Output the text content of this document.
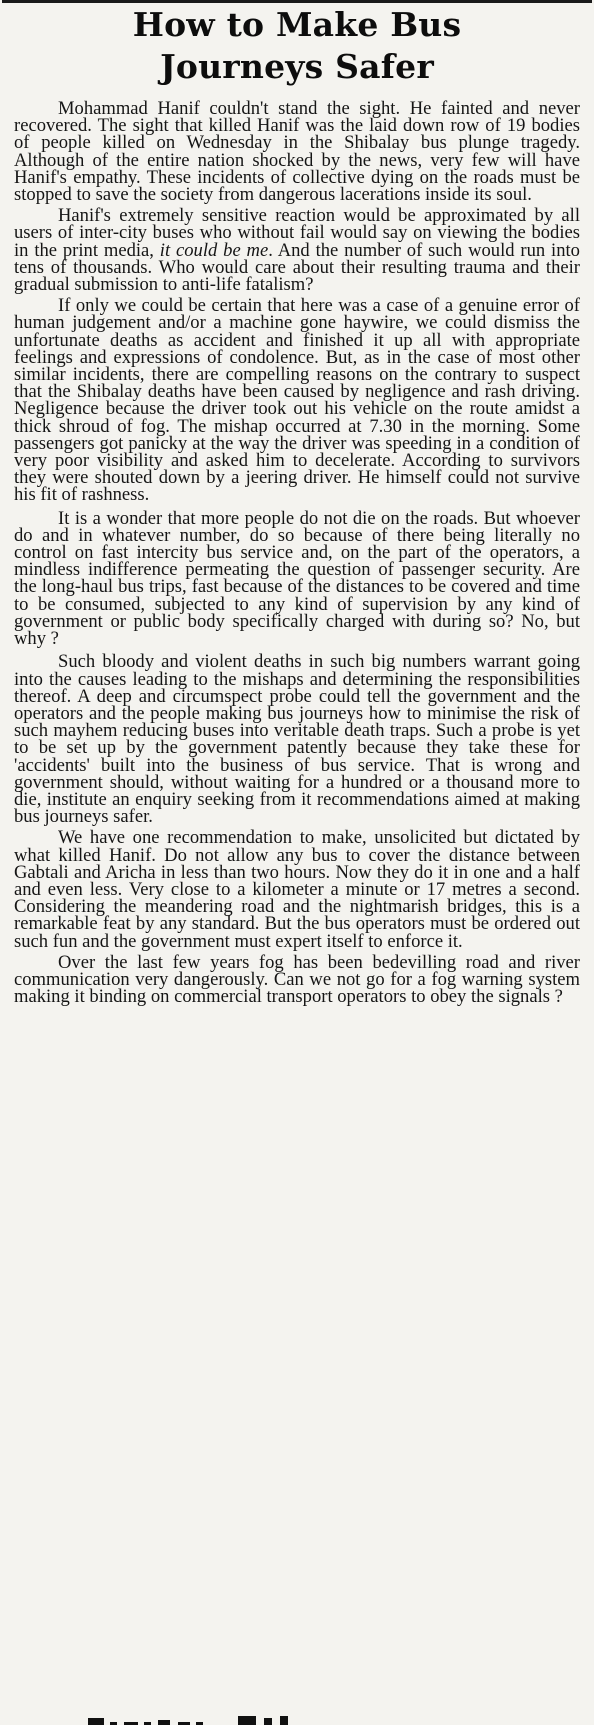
How to Make Bus
Journeys Safer

Mohammad Hanif couldn't stand the sight. He fainted and never recovered. The sight that killed Hanif was the laid down row of 19 bodies of people killed on Wednesday in the Shibalay bus plunge tragedy. Although of the entire nation shocked by the news, very few will have Hanif's empathy. These incidents of collective dying on the roads must be stopped to save the society from dangerous lacerations inside its soul.

Hanif's extremely sensitive reaction would be approximated by all users of inter-city buses who without fail would say on viewing the bodies in the print media, it could be me. And the number of such would run into tens of thousands. Who would care about their resulting trauma and their gradual submission to anti-life fatalism?

If only we could be certain that here was a case of a genuine error of human judgement and/or a machine gone haywire, we could dismiss the unfortunate deaths as accident and finished it up all with appropriate feelings and expressions of condolence. But, as in the case of most other similar incidents, there are compelling reasons on the contrary to suspect that the Shibalay deaths have been caused by negligence and rash driving. Negligence because the driver took out his vehicle on the route amidst a thick shroud of fog. The mishap occurred at 7.30 in the morning. Some passengers got panicky at the way the driver was speeding in a condition of very poor visibility and asked him to decelerate. According to survivors they were shouted down by a jeering driver. He himself could not survive his fit of rashness.

It is a wonder that more people do not die on the roads. But whoever do and in whatever number, do so because of there being literally no control on fast intercity bus service and, on the part of the operators, a mindless indifference permeating the question of passenger security. Are the long-haul bus trips, fast because of the distances to be covered and time to be consumed, subjected to any kind of supervision by any kind of government or public body specifically charged with during so? No, but why ?

Such bloody and violent deaths in such big numbers warrant going into the causes leading to the mishaps and determining the responsibilities thereof. A deep and circumspect probe could tell the government and the operators and the people making bus journeys how to minimise the risk of such mayhem reducing buses into veritable death traps. Such a probe is yet to be set up by the government patently because they take these for 'accidents' built into the business of bus service. That is wrong and government should, without waiting for a hundred or a thousand more to die, institute an enquiry seeking from it recommendations aimed at making bus journeys safer.

We have one recommendation to make, unsolicited but dictated by what killed Hanif. Do not allow any bus to cover the distance between Gabtali and Aricha in less than two hours. Now they do it in one and a half and even less. Very close to a kilometer a minute or 17 metres a second. Considering the meandering road and the nightmarish bridges, this is a remarkable feat by any standard. But the bus operators must be ordered out such fun and the government must expert itself to enforce it.

Over the last few years fog has been bedevilling road and river communication very dangerously. Can we not go for a fog warning system making it binding on commercial transport operators to obey the signals ?
